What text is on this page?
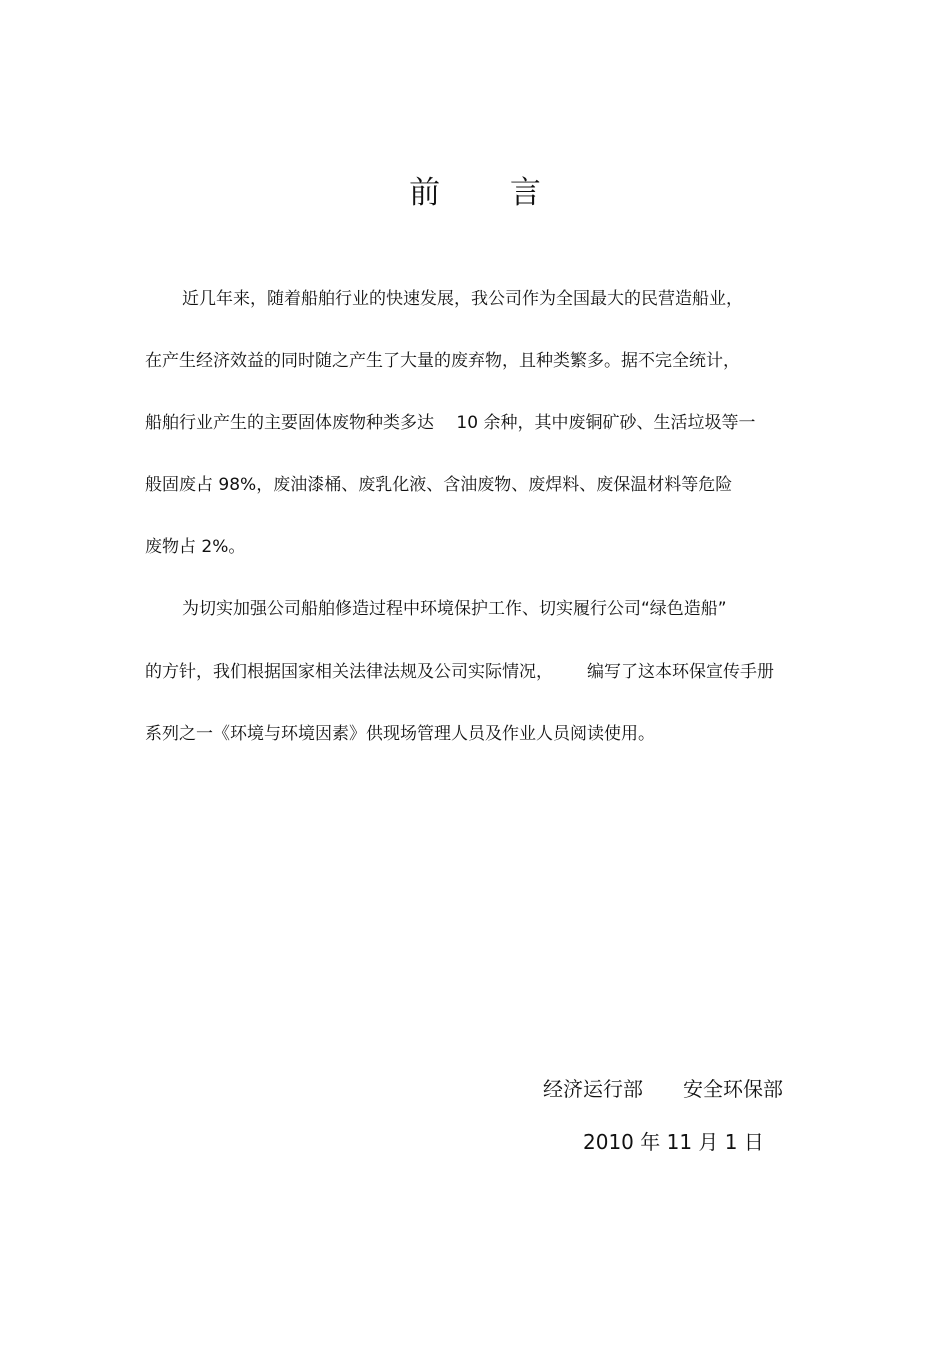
前 言
近几年来，随着船舶行业的快速发展，我公司作为全国最大的民营造船业，
在产生经济效益的同时随之产生了大量的废弃物，且种类繁多。据不完全统计，
船舶行业产生的主要固体废物种类多达  10 余种，其中废铜矿砂、生活垃圾等一
般固废占 98%，废油漆桶、废乳化液、含油废物、废焊料、废保温材料等危险
废物占 2%。
为切实加强公司船舶修造过程中环境保护工作、切实履行公司“绿色造船”
的方针，我们根据国家相关法律法规及公司实际情况，  编写了这本环保宣传手册
系列之一《环境与环境因素》供现场管理人员及作业人员阅读使用。
经济运行部  安全环保部
2010 年 11 月 1 日
